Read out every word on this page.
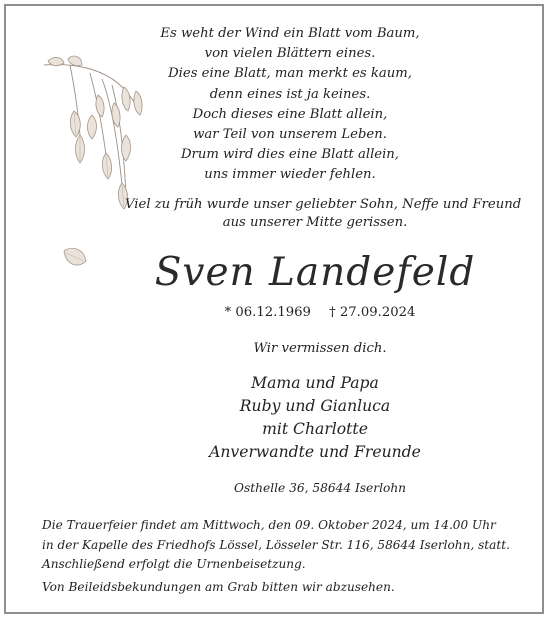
Es weht der Wind ein Blatt vom Baum,
von vielen Blättern eines.
Dies eine Blatt, man merkt es kaum,
denn eines ist ja keines.
Doch dieses eine Blatt allein,
war Teil von unserem Leben.
Drum wird dies eine Blatt allein,
uns immer wieder fehlen.
Viel zu früh wurde unser geliebter Sohn, Neffe und Freund
aus unserer Mitte gerissen.
Sven Landefeld
* 06.12.1969 † 27.09.2024
Wir vermissen dich.
Mama und Papa
Ruby und Gianluca
mit Charlotte
Anverwandte und Freunde
Osthelle 36, 58644 Iserlohn
Die Trauerfeier findet am Mittwoch, den 09. Oktober 2024, um 14.00 Uhr
in der Kapelle des Friedhofs Lössel, Lösseler Str. 116, 58644 Iserlohn, statt.
Anschließend erfolgt die Urnenbeisetzung.
Von Beileidsbekundungen am Grab bitten wir abzusehen.
